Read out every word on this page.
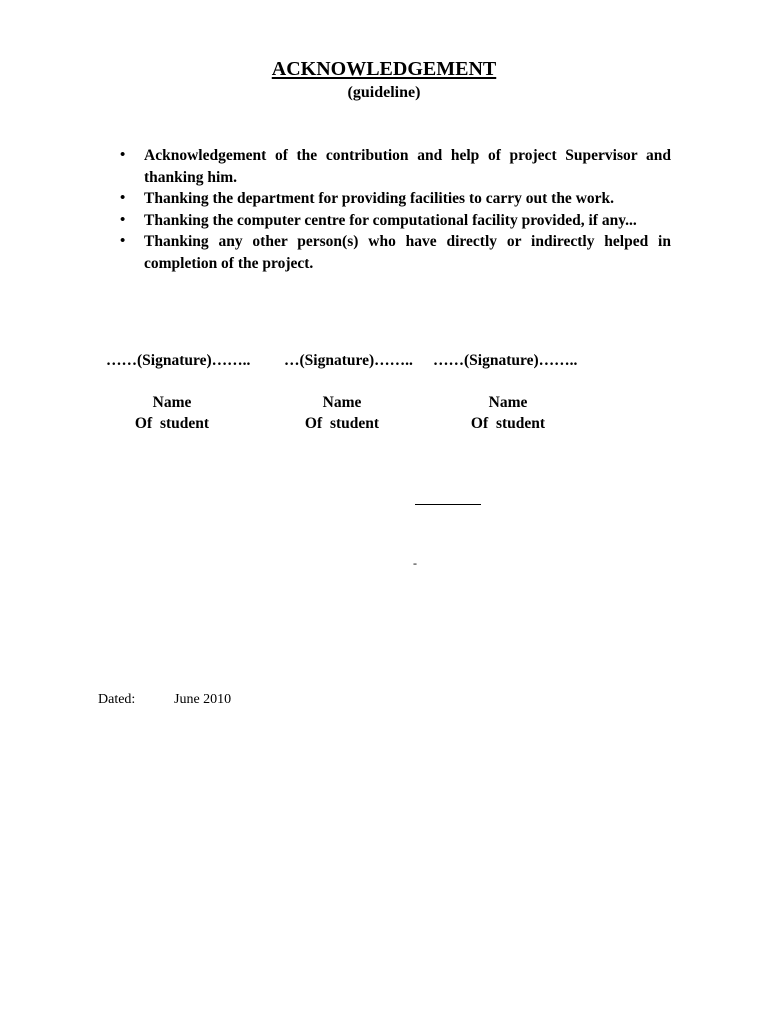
ACKNOWLEDGEMENT
(guideline)
• Acknowledgement of the contribution and help of project Supervisor and thanking him.
• Thanking the department for providing facilities to carry out the work.
• Thanking the computer centre for computational facility provided, if any...
• Thanking any other person(s) who have directly or indirectly helped in completion of the project.
……(Signature)…….. …(Signature)…….. ……(Signature)……..
Name
Of student
Name
Of student
Name
Of student
-
Dated:	June 2010
